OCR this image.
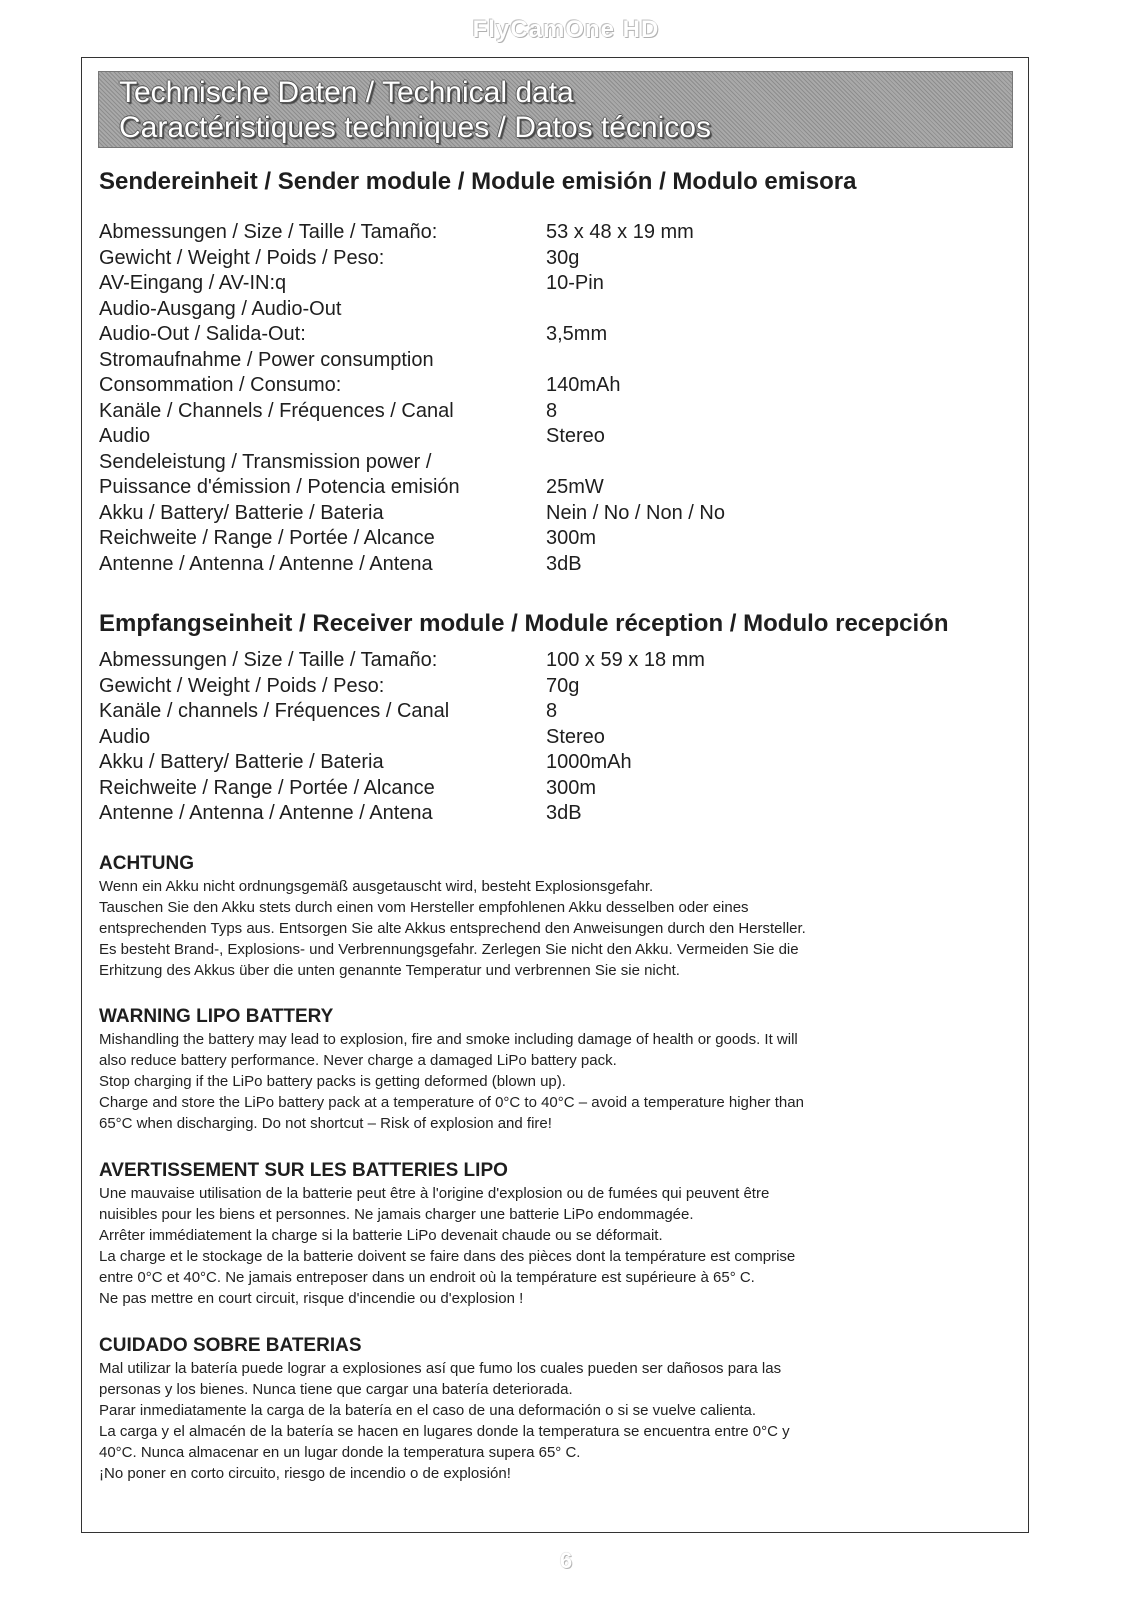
FlyCamOne HD
Technische Daten / Technical data
Caractéristiques techniques / Datos técnicos
Sendereinheit / Sender module / Module emisión / Modulo emisora
Abmessungen / Size / Taille / Tamaño:	53 x 48 x 19 mm
Gewicht / Weight / Poids / Peso:	30g
AV-Eingang / AV-IN:q	10-Pin
Audio-Ausgang / Audio-Out
Audio-Out / Salida-Out:	3,5mm
Stromaufnahme / Power consumption
Consommation / Consumo:	140mAh
Kanäle / Channels / Fréquences / Canal	8
Audio	Stereo
Sendeleistung / Transmission power /
Puissance d'émission / Potencia emisión	25mW
Akku / Battery/ Batterie / Bateria	Nein / No / Non / No
Reichweite / Range / Portée / Alcance	300m
Antenne / Antenna / Antenne / Antena	3dB
Empfangseinheit / Receiver module / Module réception / Modulo recepción
Abmessungen / Size / Taille / Tamaño:	100 x 59 x 18 mm
Gewicht / Weight / Poids / Peso:	70g
Kanäle / channels / Fréquences / Canal	8
Audio	Stereo
Akku / Battery/ Batterie / Bateria	1000mAh
Reichweite / Range / Portée / Alcance	300m
Antenne / Antenna / Antenne / Antena	3dB
ACHTUNG
Wenn ein Akku nicht ordnungsgemäß ausgetauscht wird, besteht Explosionsgefahr.
Tauschen Sie den Akku stets durch einen vom Hersteller empfohlenen Akku desselben oder eines
entsprechenden Typs aus. Entsorgen Sie alte Akkus entsprechend den Anweisungen durch den Hersteller.
Es besteht Brand-, Explosions- und Verbrennungsgefahr. Zerlegen Sie nicht den Akku. Vermeiden Sie die
Erhitzung des Akkus über die unten genannte Temperatur und verbrennen Sie sie nicht.
WARNING LIPO BATTERY
Mishandling the battery may lead to explosion, fire and smoke including damage of health or goods. It will
also reduce battery performance. Never charge a damaged LiPo battery pack.
Stop charging if the LiPo battery packs is getting deformed (blown up).
Charge and store the LiPo battery pack at a temperature of 0°C to 40°C – avoid a temperature higher than
65°C when discharging. Do not shortcut – Risk of explosion and fire!
AVERTISSEMENT SUR LES BATTERIES LIPO
Une mauvaise utilisation de la batterie peut être à l'origine d'explosion ou de fumées qui peuvent être
nuisibles pour les biens et personnes. Ne jamais charger une batterie LiPo endommagée.
Arrêter immédiatement la charge si la batterie LiPo devenait chaude ou se déformait.
La charge et le stockage de la batterie doivent se faire dans des pièces dont la température est comprise
entre 0°C et 40°C. Ne jamais entreposer dans un endroit où la température est supérieure à 65° C.
Ne pas mettre en court circuit, risque d'incendie ou d'explosion !
CUIDADO SOBRE BATERIAS
Mal utilizar la batería puede lograr a explosiones así que fumo los cuales pueden ser dañosos para las
personas y los bienes. Nunca tiene que cargar una batería deteriorada.
Parar inmediatamente la carga de la batería en el caso de una deformación o si se vuelve calienta.
La carga y el almacén de la batería se hacen en lugares donde la temperatura se encuentra entre 0°C y
40°C. Nunca almacenar en un lugar donde la temperatura supera 65° C.
¡No poner en corto circuito, riesgo de incendio o de explosión!
6
